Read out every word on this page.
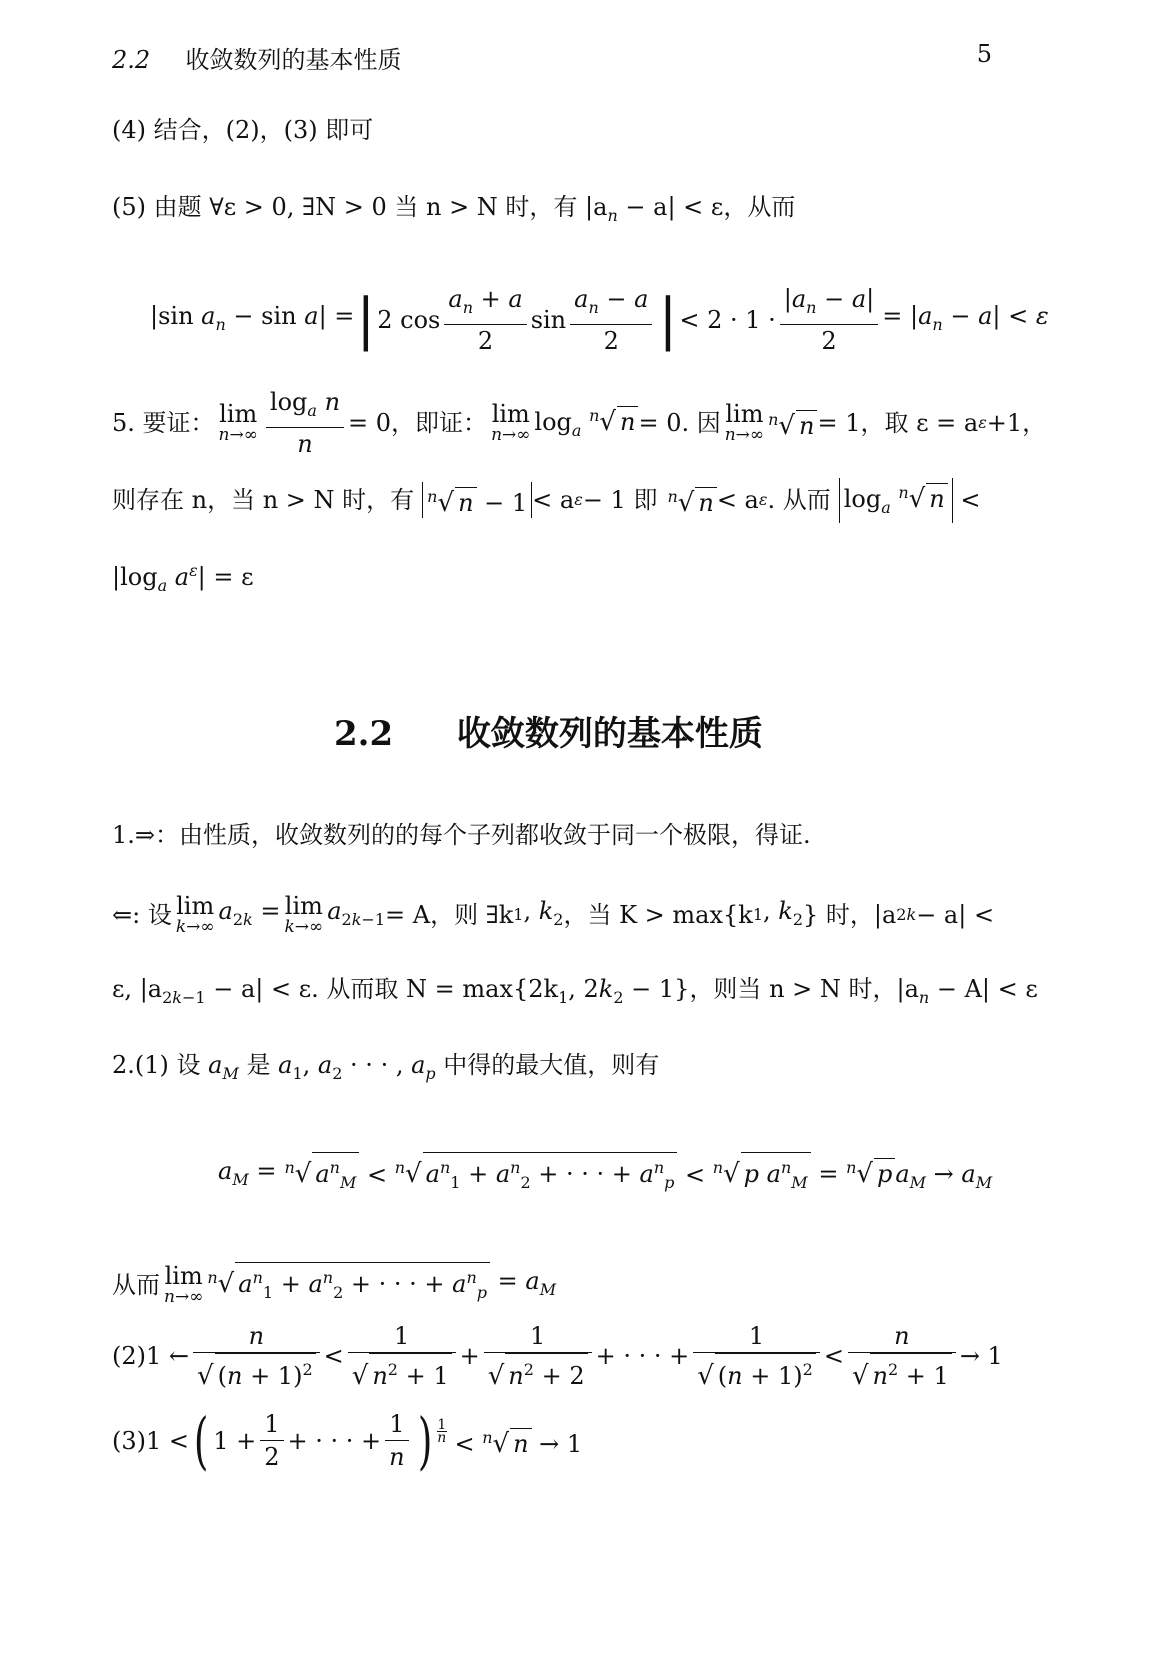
2.2 收敛数列的基本性质	5
(4) 结合，(2)，(3) 即可
(5) 由题 ∀ε > 0, ∃N > 0 当 n > N 时，有 $|a_n - a| < \varepsilon$，从而
|sin $a_n - \sin a|$ = | 2 $\cos \frac{a_n + a}{2}$ $\sin \frac{a_n - a}{2}$ | < $2 \cdot 1 \cdot \frac{|a_n - a|}{2} = |a_n - a| < \varepsilon$
5. 要证： lim
$n\to\infty \frac{\log_a n}{n} = 0$，即证： lim
n→∞ $\log_a ^n√$ n = 0. 因 lim
n→∞
$^n$√ n = 1，取 ε = a ε +1，
则存在 n，当 n > N 时，有 $^n$√ n − 1 < a ε − 1 即 $^n$√ n < a ε . 从而 $\log_a ^n√$ n <
$|\log_a$ $a^\varepsilon| = \varepsilon$
2.2 收敛数列的基本性质
1.⇒：由性质，收敛数列的的每个子列都收敛于同一个极限，得证.
⇐: 设 lim
k→∞
$a_{2k} = \lim$
k→∞
$a_{2k-1} = A$，则 ∃k 1 , $k_2$ ，当 K > max{k 1 , $k_2$ } 时，|a 2k − a| <
ε, $|a_{2k-1} - a| < \varepsilon$. 从而取 $N = \max\{2k_1$, $2k_2 - 1$}，则当 n > N 时，$|a_n - A| < \varepsilon$
2.(1) 设 $a_M$ 是 $a_1$, $a_2$ · · · , $a_p$ 中得的最大值，则有
$a_M = ^n√$ $a^n_M < ^n√$ $a^n_1 + a^n_2$ + · · · + $a^n_p < ^n√$ p $a^n_M = ^n√$ p $a_M \to a_M$
从而 lim
n→∞
$^n$√ $a^n_1 + a^n_2$ + · · · + $a^n_p = a_M$
(2)1 ← $\frac{n}{√ (n + 1)^2} < \frac{1}{√ n^2 + 1} + \frac{1}{√ n^2 + 2}$ + · · · + $\frac{1}{√ (n + 1)^2} < \frac{n}{√ n^2 + 1} \to 1$
(3)1 < ( $1 + \frac{1}{2}$ + · · · + $\frac{1}{n}$ ) $\frac{1}{n} < ^n√$ n → 1
